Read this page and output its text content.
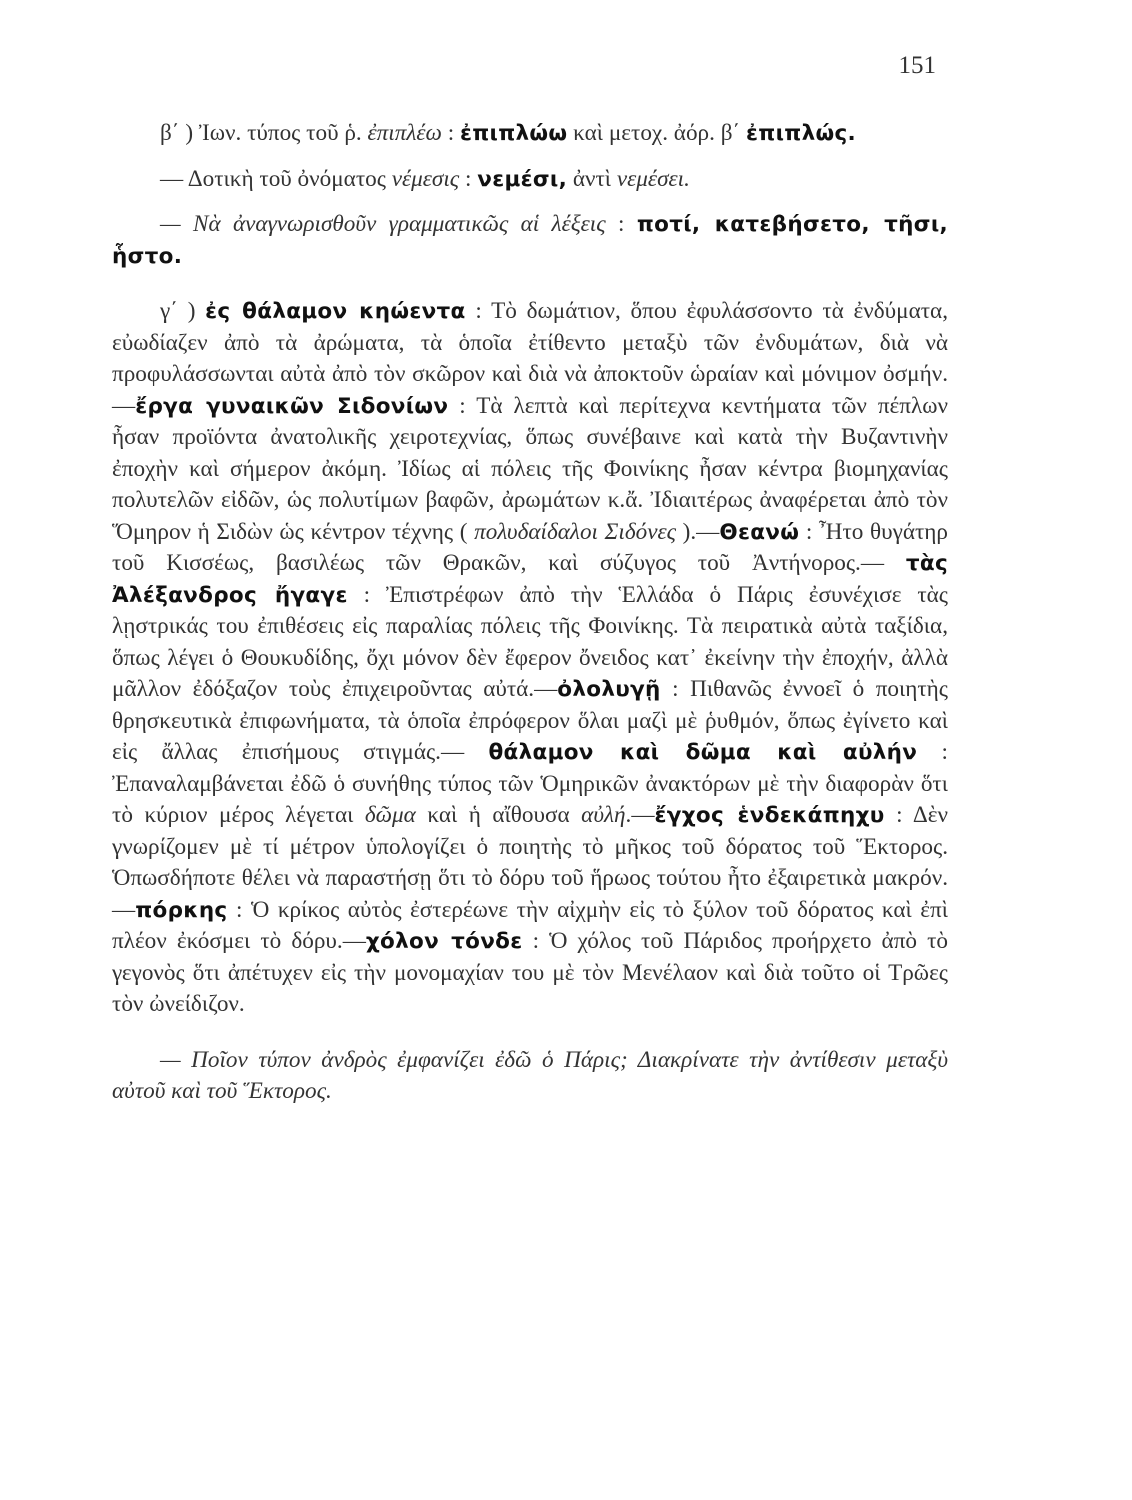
151

β΄ ) Ἰων. τύπος τοῦ ῥ. ἐπιπλέω : ἐπιπλώω καὶ μετοχ. ἀόρ. β΄ ἐπιπλώς.

— Δοτικὴ τοῦ ὀνόματος νέμεσις : νεμέσι, ἀντὶ νεμέσει.

— Νὰ ἀναγνωρισθοῦν γραμματικῶς αἱ λέξεις : ποτί, κατεβήσετο, τῆσι, ἧστο.

γ΄ ) ἐς θάλαμον κηώεντα : Τὸ δωμάτιον, ὅπου ἐφυλάσσοντο τὰ ἐνδύματα, εὐωδίαζεν ἀπὸ τὰ ἀρώματα, τὰ ὁποῖα ἐτίθεντο μεταξὺ τῶν ἐνδυμάτων, διὰ νὰ προφυλάσσωνται αὐτὰ ἀπὸ τὸν σκῶρον καὶ διὰ νὰ ἀποκτοῦν ὡραίαν καὶ μόνιμον ὀσμήν.—ἔργα γυναικῶν Σιδονίων : Τὰ λεπτὰ καὶ περίτεχνα κεντήματα τῶν πέπλων ἦσαν προϊόντα ἀνατολικῆς χειροτεχνίας, ὅπως συνέβαινε καὶ κατὰ τὴν Βυζαντινὴν ἐποχὴν καὶ σήμερον ἀκόμη. Ἰδίως αἱ πόλεις τῆς Φοινίκης ἦσαν κέντρα βιομηχανίας πολυτελῶν εἰδῶν, ὡς πολυτίμων βαφῶν, ἀρωμάτων κ.ἄ. Ἰδιαιτέρως ἀναφέρεται ἀπὸ τὸν Ὅμηρον ἡ Σιδὼν ὡς κέντρον τέχνης ( πολυδαίδαλοι Σιδόνες ).—Θεανώ : Ἦτο θυγάτηρ τοῦ Κισσέως, βασιλέως τῶν Θρακῶν, καὶ σύζυγος τοῦ Ἀντήνορος.— τὰς Ἀλέξανδρος ἤγαγε : Ἐπιστρέφων ἀπὸ τὴν Ἑλλάδα ὁ Πάρις ἐσυνέχισε τὰς λῃστρικάς του ἐπιθέσεις εἰς παραλίας πόλεις τῆς Φοινίκης. Τὰ πειρατικὰ αὐτὰ ταξίδια, ὅπως λέγει ὁ Θουκυδίδης, ὄχι μόνον δὲν ἔφερον ὄνειδος κατ᾽ ἐκείνην τὴν ἐποχήν, ἀλλὰ μᾶλλον ἐδόξαζον τοὺς ἐπιχειροῦντας αὐτά.—ὀλολυγῇ : Πιθανῶς ἐννοεῖ ὁ ποιητὴς θρησκευτικὰ ἐπιφωνήματα, τὰ ὁποῖα ἐπρόφερον ὅλαι μαζὶ μὲ ῥυθμόν, ὅπως ἐγίνετο καὶ εἰς ἄλλας ἐπισήμους στιγμάς.— θάλαμον καὶ δῶμα καὶ αὐλήν : Ἐπαναλαμβάνεται ἐδῶ ὁ συνήθης τύπος τῶν Ὁμηρικῶν ἀνακτόρων μὲ τὴν διαφορὰν ὅτι τὸ κύριον μέρος λέγεται δῶμα καὶ ἡ αἴθουσα αὐλή.—ἔγχος ἑνδεκάπηχυ : Δὲν γνωρίζομεν μὲ τί μέτρον ὑπολογίζει ὁ ποιητὴς τὸ μῆκος τοῦ δόρατος τοῦ Ἕκτορος. Ὁπωσδήποτε θέλει νὰ παραστήσῃ ὅτι τὸ δόρυ τοῦ ἥρωος τούτου ἦτο ἐξαιρετικὰ μακρόν.—πόρκης : Ὁ κρίκος αὐτὸς ἐστερέωνε τὴν αἰχμὴν εἰς τὸ ξύλον τοῦ δόρατος καὶ ἐπὶ πλέον ἐκόσμει τὸ δόρυ.—χόλον τόνδε : Ὁ χόλος τοῦ Πάριδος προήρχετο ἀπὸ τὸ γεγονὸς ὅτι ἀπέτυχεν εἰς τὴν μονομαχίαν του μὲ τὸν Μενέλαον καὶ διὰ τοῦτο οἱ Τρῶες τὸν ὠνείδιζον.

— Ποῖον τύπον ἀνδρὸς ἐμφανίζει ἐδῶ ὁ Πάρις; Διακρίνατε τὴν ἀντίθεσιν μεταξὺ αὐτοῦ καὶ τοῦ Ἕκτορος.
